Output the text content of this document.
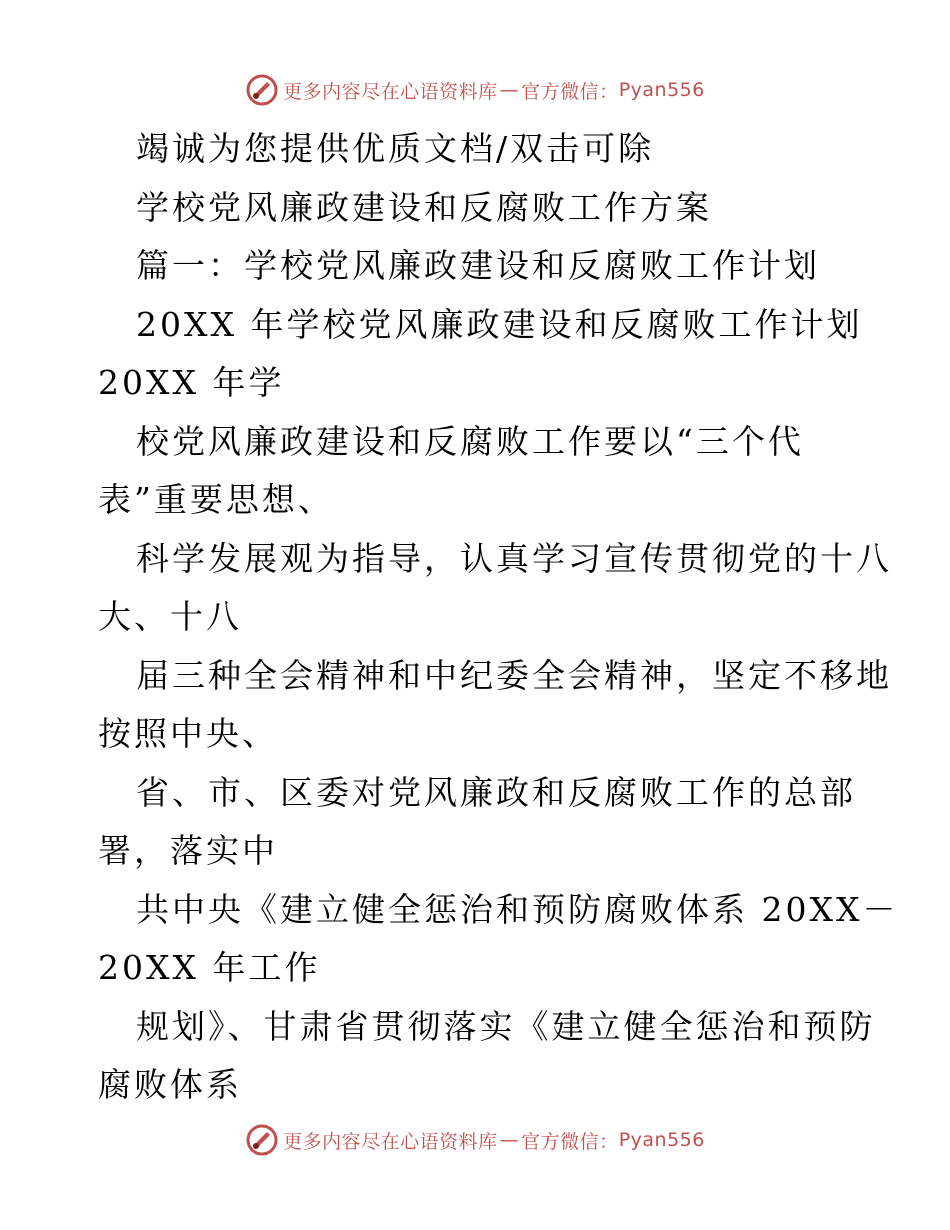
更多内容尽在心语资料库 — 官方微信： Pyan556
竭诚为您提供优质文档/双击可除
学校党风廉政建设和反腐败工作方案
篇一：学校党风廉政建设和反腐败工作计划
20XX 年学校党风廉政建设和反腐败工作计划
20XX 年学
校党风廉政建设和反腐败工作要以“三个代
表”重要思想、
科学发展观为指导，认真学习宣传贯彻党的十八
大、十八
届三种全会精神和中纪委全会精神，坚定不移地
按照中央、
省、市、区委对党风廉政和反腐败工作的总部
署，落实中
共中央《建立健全惩治和预防腐败体系 20XX－
20XX 年工作
规划》、甘肃省贯彻落实《建立健全惩治和预防
腐败体系
更多内容尽在心语资料库 — 官方微信： Pyan556
